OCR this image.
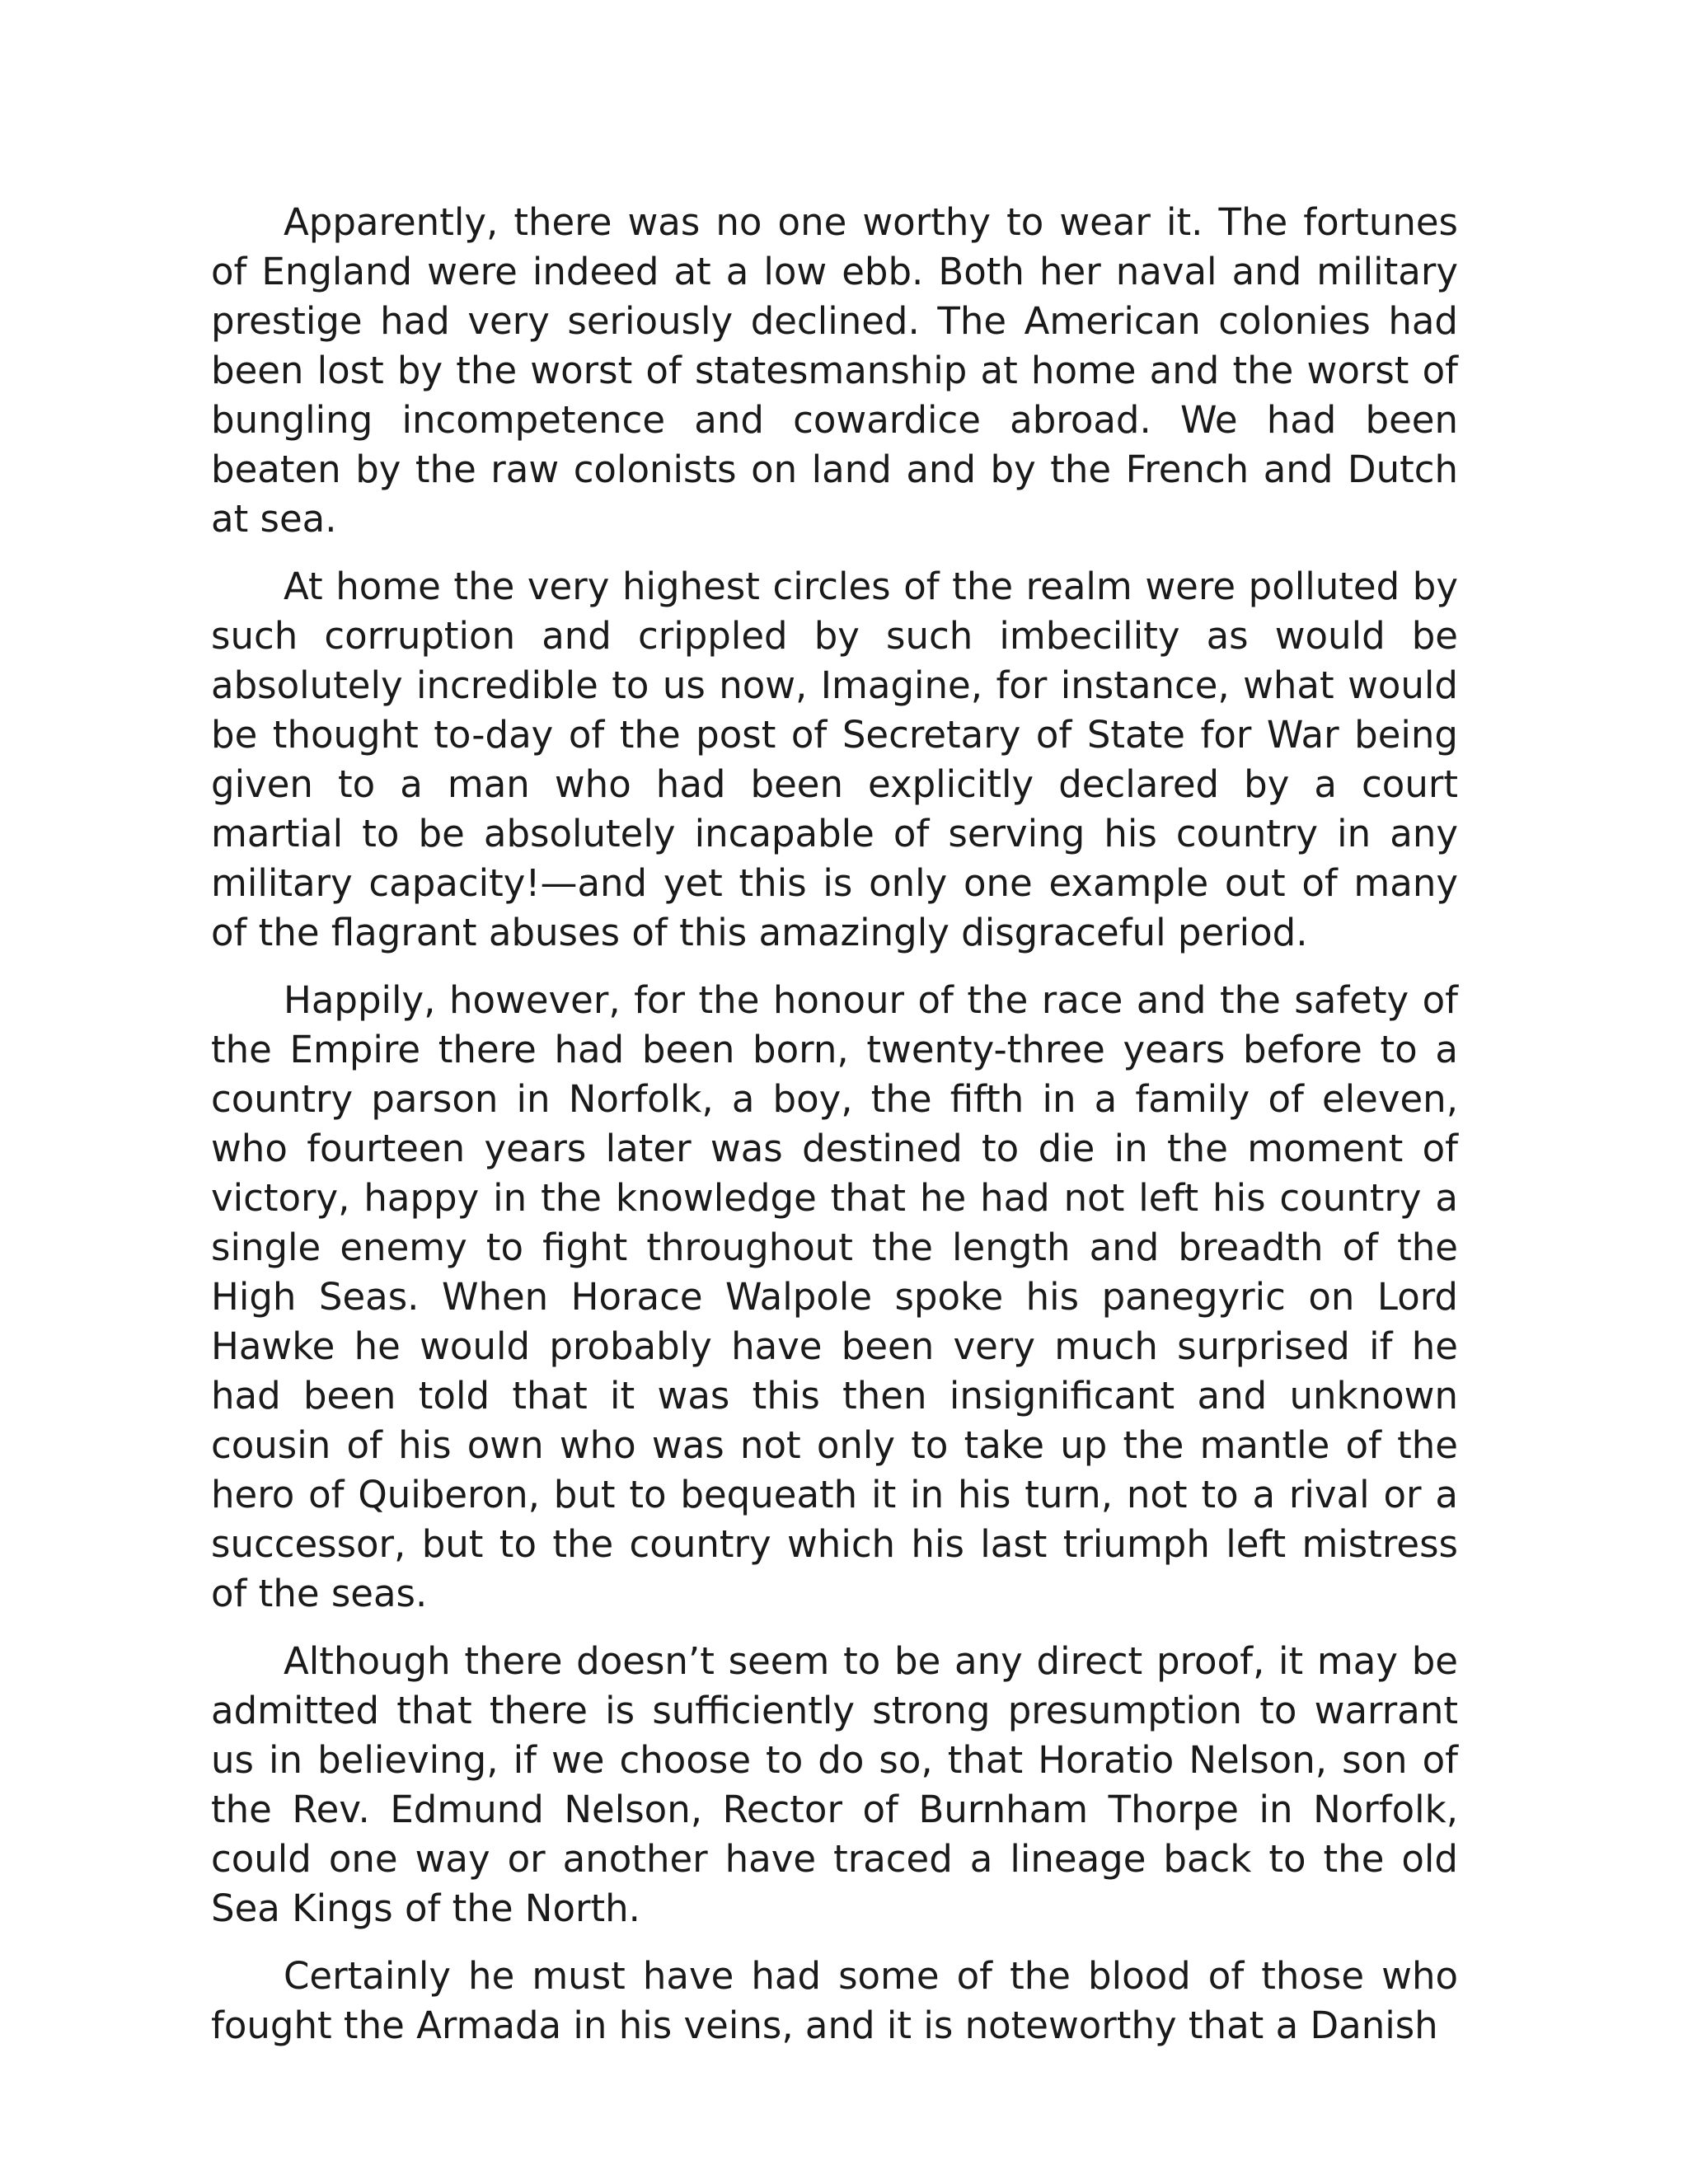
Apparently, there was no one worthy to wear it. The fortunes of England were indeed at a low ebb. Both her naval and military prestige had very seriously declined. The American colonies had been lost by the worst of statesmanship at home and the worst of bungling incompetence and cowardice abroad. We had been beaten by the raw colonists on land and by the French and Dutch at sea.

At home the very highest circles of the realm were polluted by such corruption and crippled by such imbecility as would be absolutely incredible to us now, Imagine, for instance, what would be thought to-day of the post of Secretary of State for War being given to a man who had been explicitly declared by a court martial to be absolutely incapable of serving his country in any military capacity!—and yet this is only one example out of many of the flagrant abuses of this amazingly disgraceful period.

Happily, however, for the honour of the race and the safety of the Empire there had been born, twenty-three years before to a country parson in Norfolk, a boy, the fifth in a family of eleven, who fourteen years later was destined to die in the moment of victory, happy in the knowledge that he had not left his country a single enemy to fight throughout the length and breadth of the High Seas. When Horace Walpole spoke his panegyric on Lord Hawke he would probably have been very much surprised if he had been told that it was this then insignificant and unknown cousin of his own who was not only to take up the mantle of the hero of Quiberon, but to bequeath it in his turn, not to a rival or a successor, but to the country which his last triumph left mistress of the seas.

Although there doesn’t seem to be any direct proof, it may be admitted that there is sufficiently strong presumption to warrant us in believing, if we choose to do so, that Horatio Nelson, son of the Rev. Edmund Nelson, Rector of Burnham Thorpe in Norfolk, could one way or another have traced a lineage back to the old Sea Kings of the North.

Certainly he must have had some of the blood of those who fought the Armada in his veins, and it is noteworthy that a Danish
